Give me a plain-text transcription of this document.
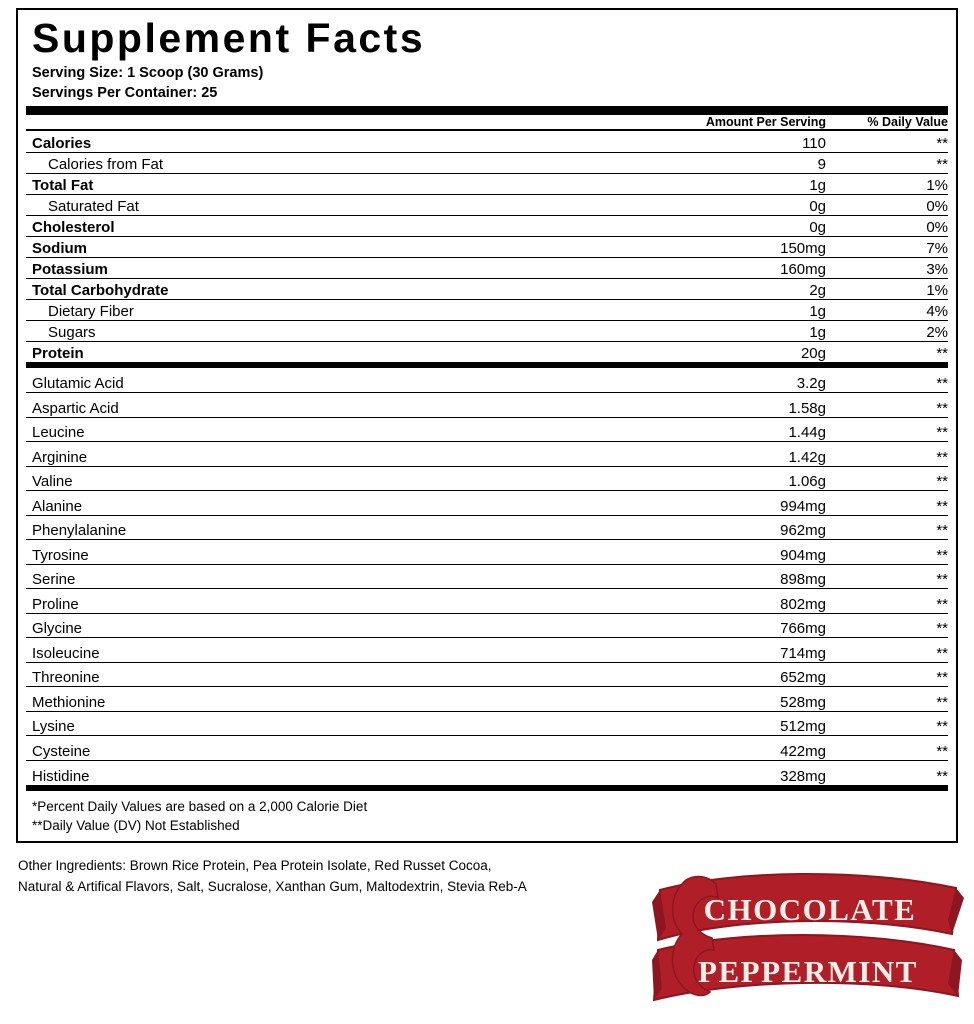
Supplement Facts
Serving Size: 1 Scoop (30 Grams)
Servings Per Container: 25
	Amount Per Serving	% Daily Value
Calories	110	**
Calories from Fat	9	**
Total Fat	1g	1%
Saturated Fat	0g	0%
Cholesterol	0g	0%
Sodium	150mg	7%
Potassium	160mg	3%
Total Carbohydrate	2g	1%
Dietary Fiber	1g	4%
Sugars	1g	2%
Protein	20g	**
Glutamic Acid	3.2g	**
Aspartic Acid	1.58g	**
Leucine	1.44g	**
Arginine	1.42g	**
Valine	1.06g	**
Alanine	994mg	**
Phenylalanine	962mg	**
Tyrosine	904mg	**
Serine	898mg	**
Proline	802mg	**
Glycine	766mg	**
Isoleucine	714mg	**
Threonine	652mg	**
Methionine	528mg	**
Lysine	512mg	**
Cysteine	422mg	**
Histidine	328mg	**
*Percent Daily Values are based on a 2,000 Calorie Diet
**Daily Value (DV) Not Established
Other Ingredients: Brown Rice Protein, Pea Protein Isolate, Red Russet Cocoa,
Natural & Artifical Flavors, Salt, Sucralose, Xanthan Gum, Maltodextrin, Stevia Reb-A
CHOCOLATE
PEPPERMINT
